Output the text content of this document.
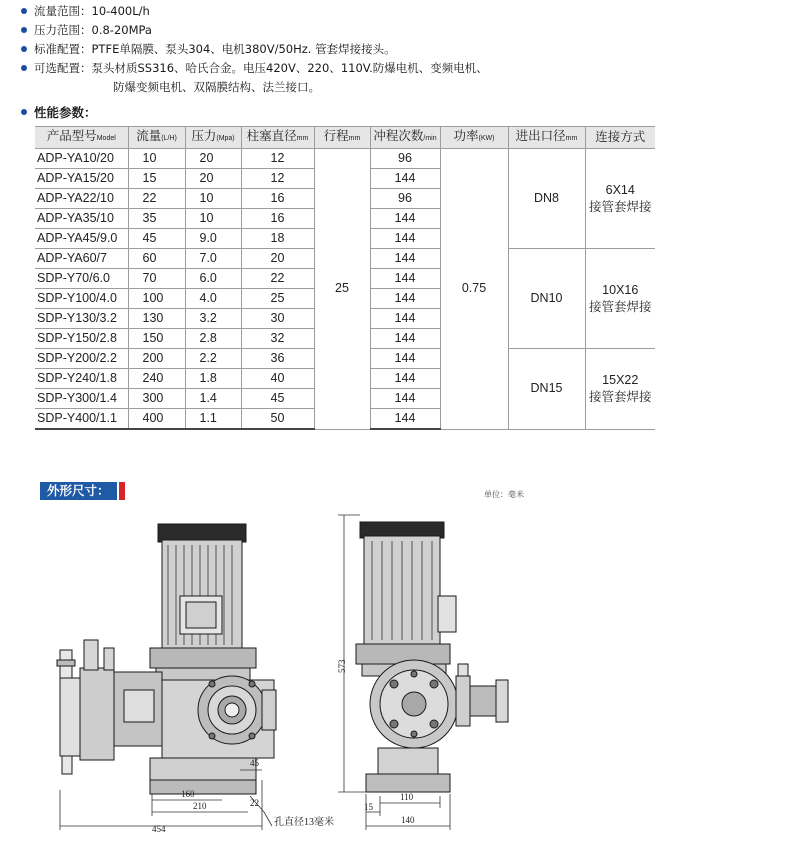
流量范围：10-400L/h
压力范围：0.8-20MPa
标准配置：PTFE单隔膜、泵头304、电机380V/50Hz. 管套焊接接头。
可选配置：泵头材质SS316、哈氏合金。电压420V、220、110V.防爆电机、变频电机、
防爆变频电机、双隔膜结构、法兰接口。
性能参数：
产品型号Model	流量(L/H)	压力(Mpa)	柱塞直径mm	行程mm	冲程次数/min	功率(KW)	进出口径mm	连接方式
ADP-YA10/20	10	20	12	25	96	0.75	DN8	6X14
接管套焊接

ADP-YA15/20	15	20	12		144			
ADP-YA22/10	22	10	16		96			
ADP-YA35/10	35	10	16		144			
ADP-YA45/9.0	45	9.0	18		144			
ADP-YA60/7	60	7.0	20		144		DN10	10X16
接管套焊接

SDP-Y70/6.0	70	6.0	22		144			
SDP-Y100/4.0	100	4.0	25		144			
SDP-Y130/3.2	130	3.2	30		144			
SDP-Y150/2.8	150	2.8	32		144			
SDP-Y200/2.2	200	2.2	36		144		DN15	15X22
接管套焊接

SDP-Y240/1.8	240	1.8	40		144			
SDP-Y300/1.4	300	1.4	45		144			
SDP-Y400/1.1	400	1.1	50		144			
外形尺寸：	单位：毫米
45
160
210	22
454
孔直径13毫米
573
110
15
140
